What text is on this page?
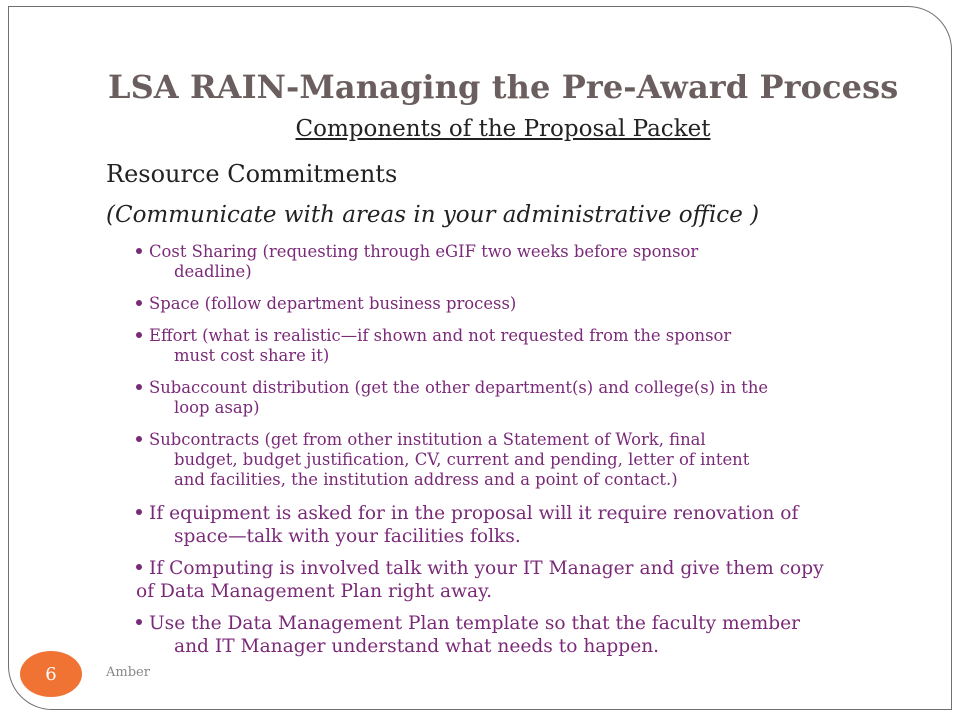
LSA RAIN-Managing the Pre-Award Process
Components of the Proposal Packet
Resource Commitments
(Communicate with areas in your administrative office )
Cost Sharing (requesting through eGIF two weeks before sponsor
deadline)
Space (follow department business process)
Effort (what is realistic—if shown and not requested from the sponsor
must cost share it)
Subaccount distribution (get the other department(s) and college(s) in the
loop asap)
Subcontracts (get from other institution a Statement of Work, final
budget, budget justification, CV, current and pending, letter of intent
and facilities, the institution address and a point of contact.)
If equipment is asked for in the proposal will it require renovation of
space—talk with your facilities folks.
If Computing is involved talk with your IT Manager and give them copy
of Data Management Plan right away.
Use the Data Management Plan template so that the faculty member
and IT Manager understand what needs to happen.
6	Amber
